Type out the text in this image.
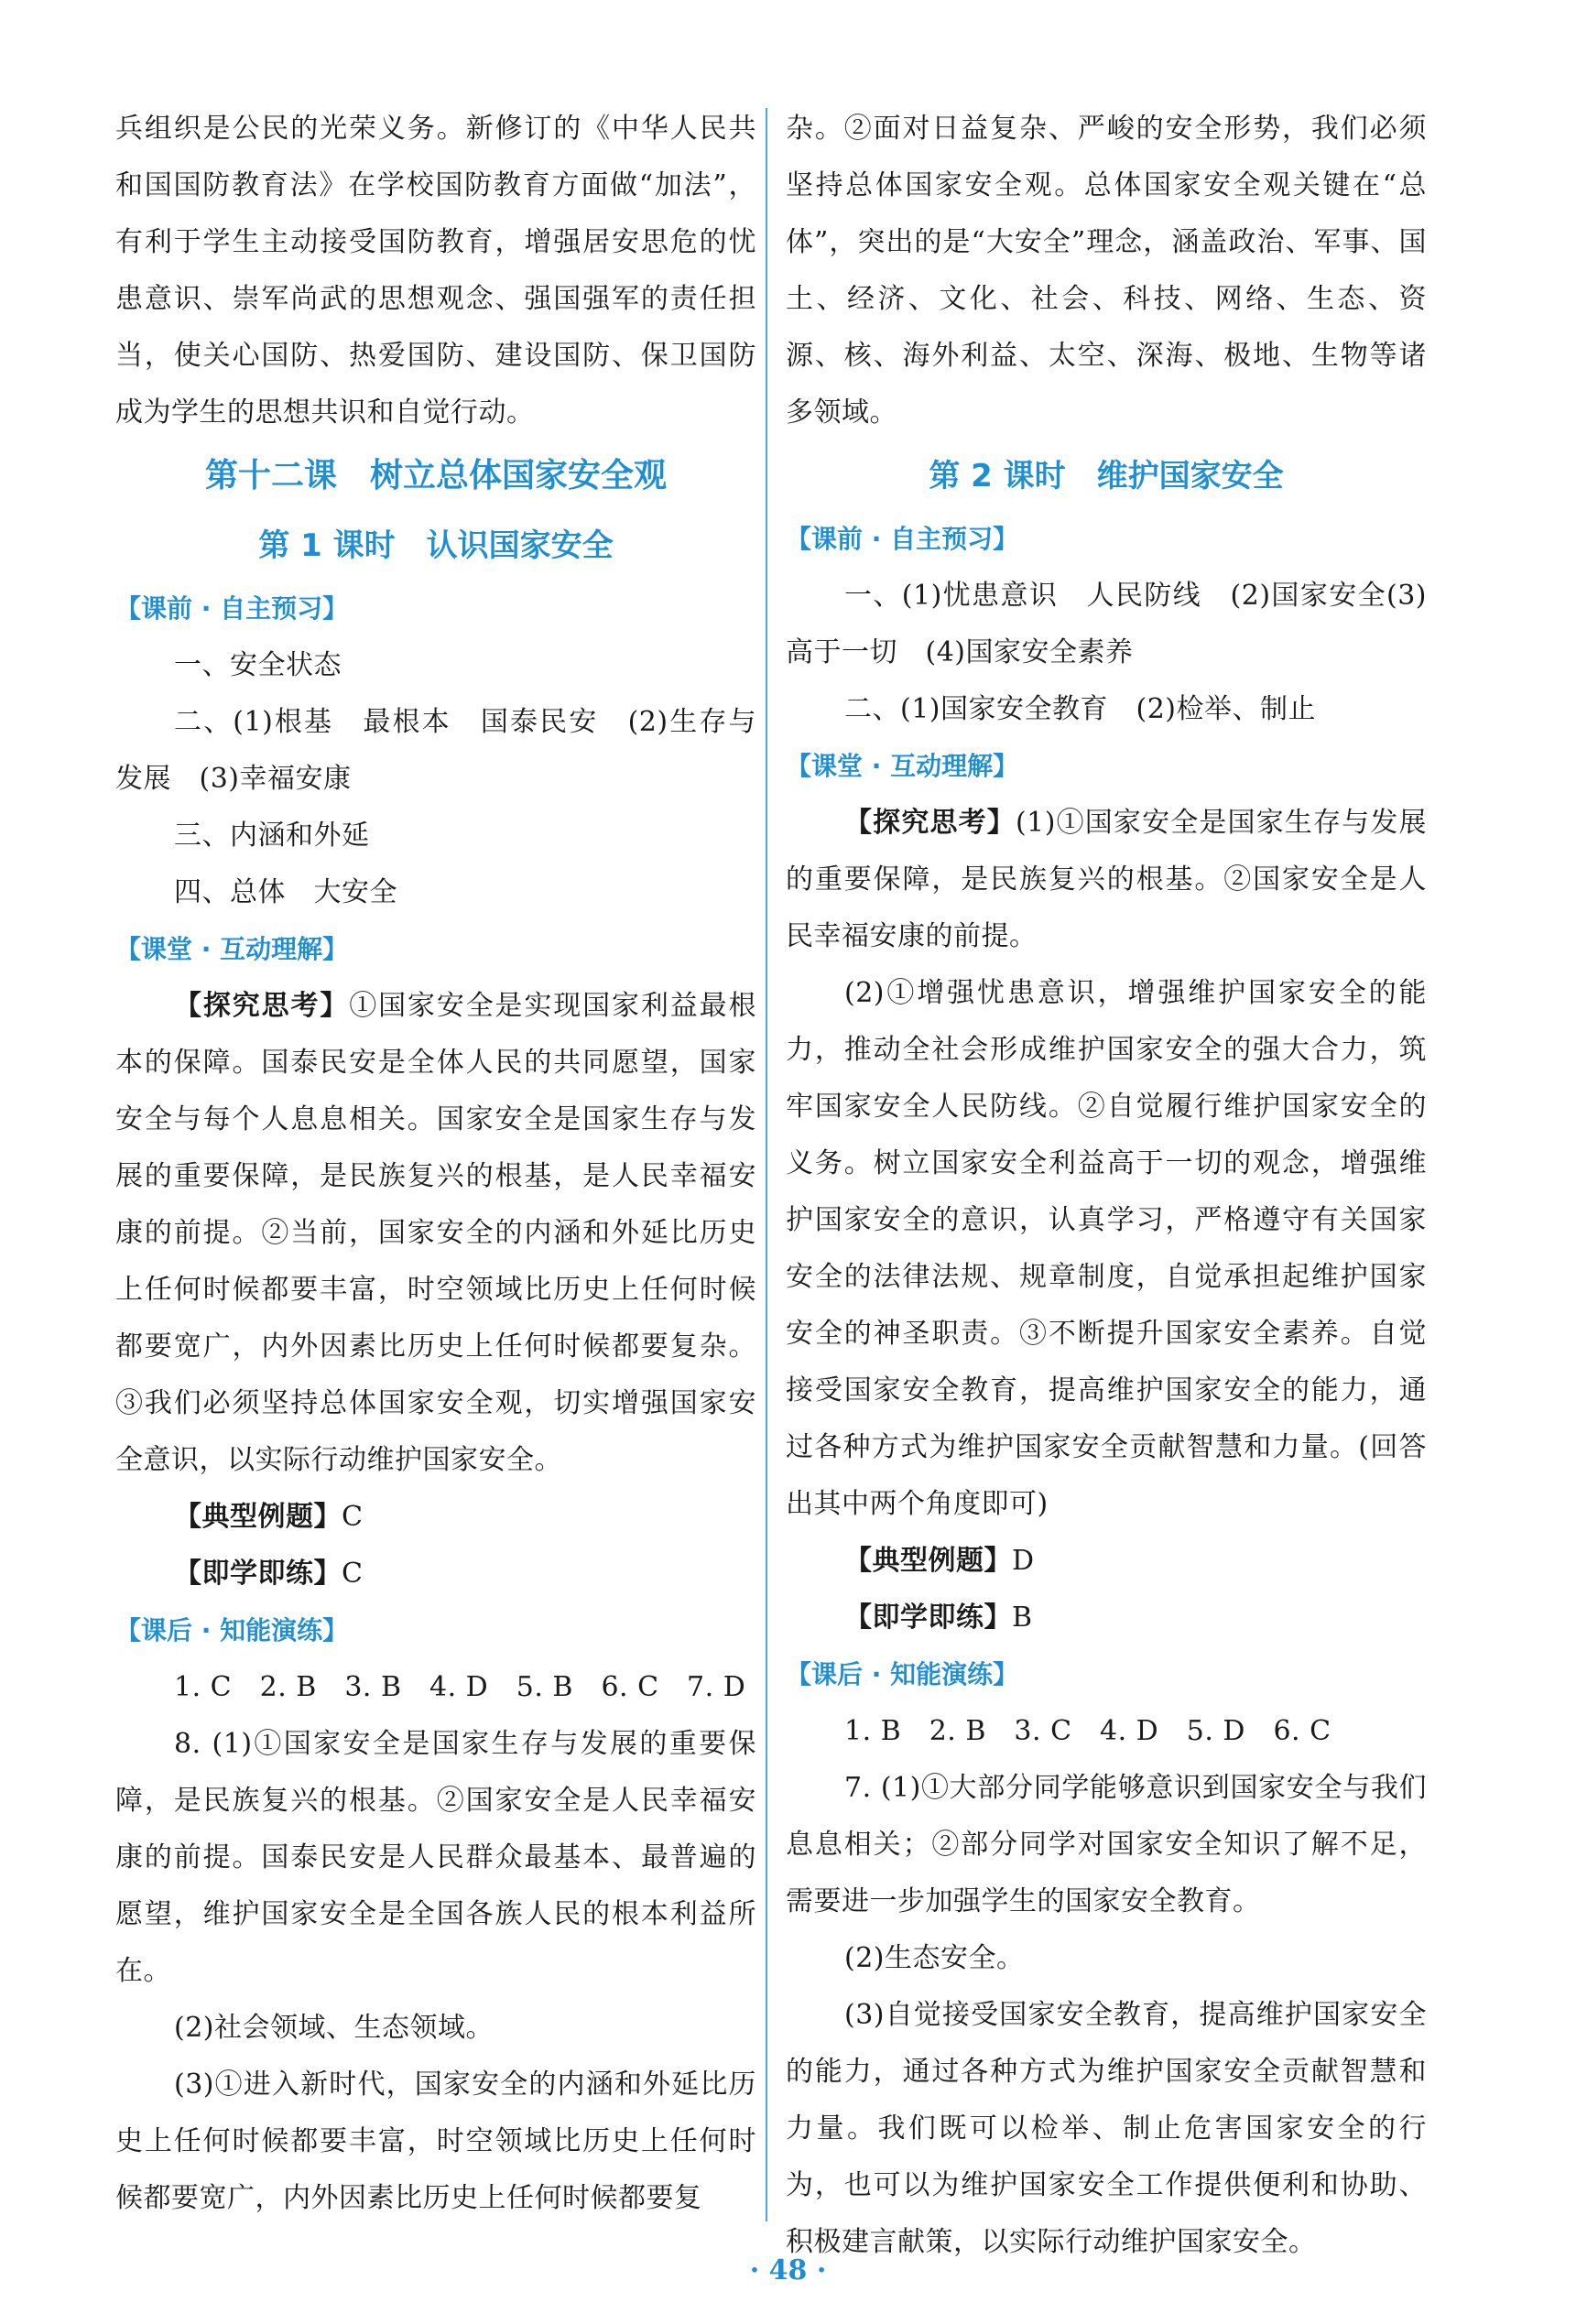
兵组织是公民的光荣义务。新修订的《中华人民共和国国防教育法》在学校国防教育方面做“加法”，有利于学生主动接受国防教育，增强居安思危的忧患意识、崇军尚武的思想观念、强国强军的责任担当，使关心国防、热爱国防、建设国防、保卫国防成为学生的思想共识和自觉行动。

第十二课　树立总体国家安全观

第 1 课时　认识国家安全

【课前 · 自主预习】

一、安全状态

二、(1)根基　最根本　国泰民安　(2)生存与发展　(3)幸福安康

三、内涵和外延

四、总体　大安全

【课堂 · 互动理解】

【探究思考】①国家安全是实现国家利益最根本的保障。国泰民安是全体人民的共同愿望，国家安全与每个人息息相关。国家安全是国家生存与发展的重要保障，是民族复兴的根基，是人民幸福安康的前提。②当前，国家安全的内涵和外延比历史上任何时候都要丰富，时空领域比历史上任何时候都要宽广，内外因素比历史上任何时候都要复杂。③我们必须坚持总体国家安全观，切实增强国家安全意识，以实际行动维护国家安全。

【典型例题】C

【即学即练】C

【课后 · 知能演练】

1. C　2. B　3. B　4. D　5. B　6. C　7. D

8. (1)①国家安全是国家生存与发展的重要保障，是民族复兴的根基。②国家安全是人民幸福安康的前提。国泰民安是人民群众最基本、最普遍的愿望，维护国家安全是全国各族人民的根本利益所在。

(2)社会领域、生态领域。

(3)①进入新时代，国家安全的内涵和外延比历史上任何时候都要丰富，时空领域比历史上任何时候都要宽广，内外因素比历史上任何时候都要复

杂。②面对日益复杂、严峻的安全形势，我们必须坚持总体国家安全观。总体国家安全观关键在“总体”，突出的是“大安全”理念，涵盖政治、军事、国土、经济、文化、社会、科技、网络、生态、资源、核、海外利益、太空、深海、极地、生物等诸多领域。

第 2 课时　维护国家安全

【课前 · 自主预习】

一、(1)忧患意识　人民防线　(2)国家安全(3)高于一切　(4)国家安全素养

二、(1)国家安全教育　(2)检举、制止

【课堂 · 互动理解】

【探究思考】(1)①国家安全是国家生存与发展的重要保障，是民族复兴的根基。②国家安全是人民幸福安康的前提。

(2)①增强忧患意识，增强维护国家安全的能力，推动全社会形成维护国家安全的强大合力，筑牢国家安全人民防线。②自觉履行维护国家安全的义务。树立国家安全利益高于一切的观念，增强维护国家安全的意识，认真学习，严格遵守有关国家安全的法律法规、规章制度，自觉承担起维护国家安全的神圣职责。③不断提升国家安全素养。自觉接受国家安全教育，提高维护国家安全的能力，通过各种方式为维护国家安全贡献智慧和力量。(回答出其中两个角度即可)

【典型例题】D

【即学即练】B

【课后 · 知能演练】

1. B　2. B　3. C　4. D　5. D　6. C

7. (1)①大部分同学能够意识到国家安全与我们息息相关；②部分同学对国家安全知识了解不足，需要进一步加强学生的国家安全教育。

(2)生态安全。

(3)自觉接受国家安全教育，提高维护国家安全的能力，通过各种方式为维护国家安全贡献智慧和力量。我们既可以检举、制止危害国家安全的行为，也可以为维护国家安全工作提供便利和协助、积极建言献策，以实际行动维护国家安全。

· 48 ·
